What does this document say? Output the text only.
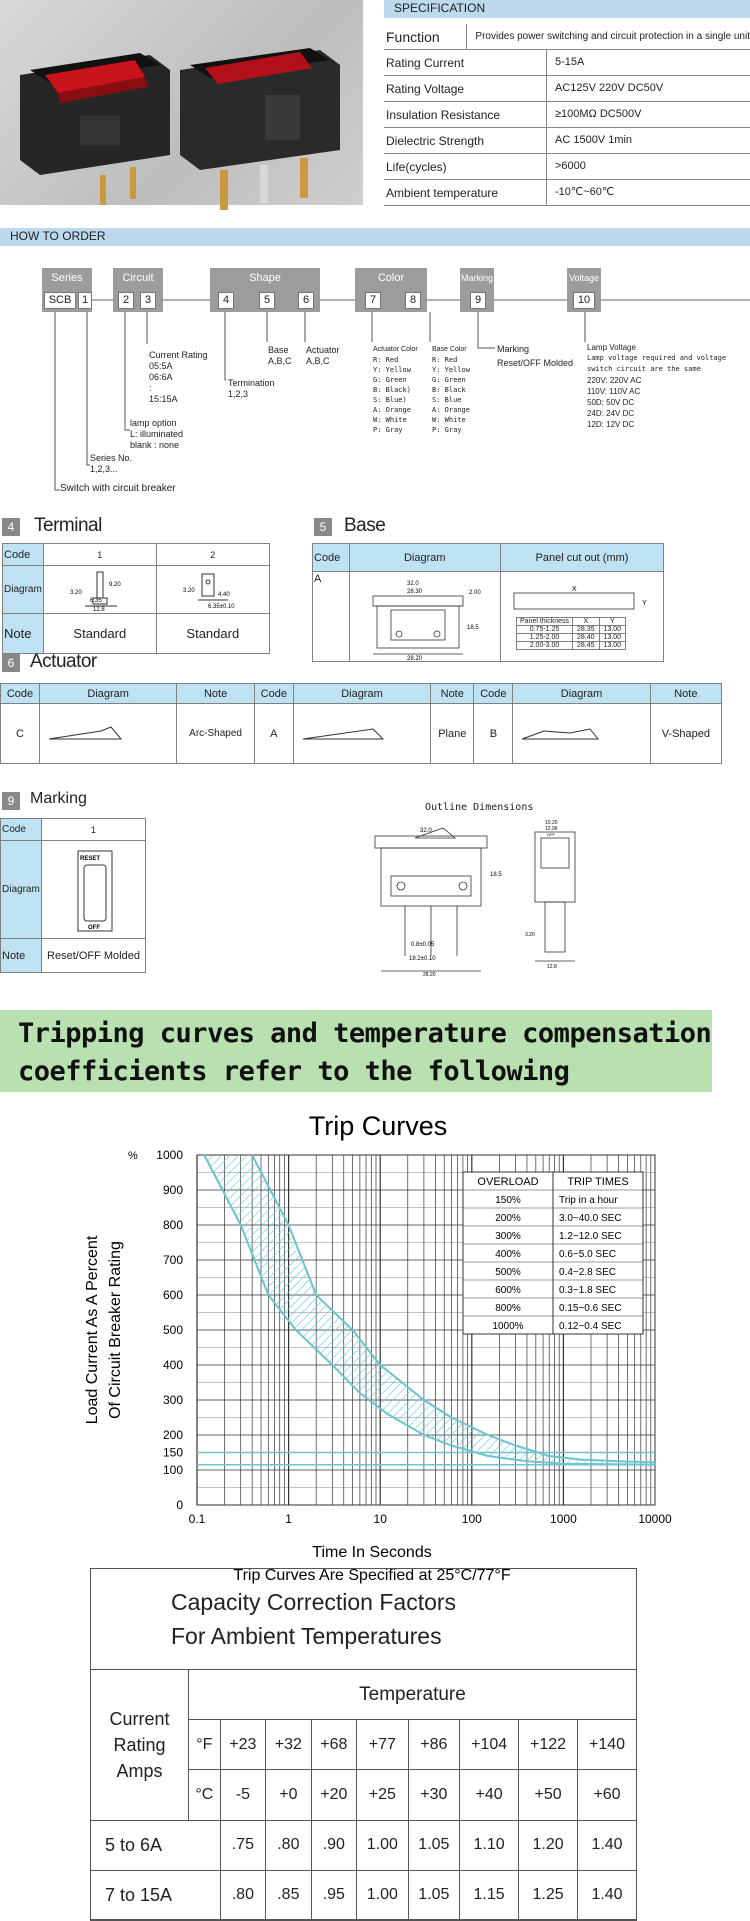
SPECIFICATION
Function	Provides power switching and circuit protection in a single unit
Rating Current	5-15A
Rating Voltage	AC125V 220V DC50V
Insulation Resistance	≥100MΩ DC500V
Dielectric Strength	AC 1500V 1min
Life(cycles)	>6000
Ambient temperature	-10℃~60℃
HOW TO ORDER
Series
SCB 1
Circuit
2	3
Shape
4	5	6
Color
7	8
Marking
9
Voltage
10
Switch with circuit breaker
Series No.
1,2,3...
lamp option
L: illuminated
blank : none
Current Rating
05:5A
06:6A
:
15:15A
Termination
1,2,3
Base
A,B,C
Actuator
A,B,C
Actuator Color
R: Red
Y: Yellow
G: Green
B: Black)
S: Blue)
A: Orange
W: White
P: Gray
Base Color
R: Red
Y: Yellow
G: Green
B: Black
S: Blue
A: Orange
W: White
P: Gray
Marking
Reset/OFF Molded
Lamp Voltage
Lamp voltage required and voltage switch circuit are the same
220V: 220V AC
110V: 110V AC
50D: 50V DC
24D: 24V DC
12D: 12V DC
4 Terminal
Code	1	2
Diagram	3.20
9.20
6.35
12.8	3.20
4.40
6.35±0.10

Note	Standard	Standard
5 Base
Code	Diagram	Panel cut out (mm)
A	32.0
28.30	2.00
18.5
28.20

X
Y
Panel thickness	X	Y
0.75-1.25	28.35	13.00
1.25-2.00	28.40	13.00
2.00-3.00	28.45	13.00
6 Actuator
Code	Diagram	Note	Code	Diagram	Note	Code	Diagram	Note
C		Arc-Shaped	A		Plane	B		V-Shaped
9 Marking
Code	1
Diagram	RESET
OFF

Note	Reset/OFF Molded
Outline Dimensions
32.0
18.5
0.8±0.05
18.2±0.10
28.20
10.20
12.96
3.20
12.8
OFF
Tripping curves and temperature compensation
coefficients refer to the following
Trip Curves
0.1	1	10	100	1000	10000
0
100
150
200
300
400
500
600
700
800
900
1000
%
Time In Seconds
Trip Curves Are Specified at 25°C/77°F
Load Current As A Percent Of Circuit Breaker Rating
OVERLOAD	TRIP TIMES
150%	Trip in a hour
200%	3.0~40.0 SEC
300%	1.2~12.0 SEC
400%	0.6~5.0 SEC
500%	0.4~2.8 SEC
600%	0.3~1.8 SEC
800%	0.15~0.6 SEC
1000%	0.12~0.4 SEC
Capacity Correction Factors
For Ambient Temperatures
Current
Rating
Amps	Temperature								
	°F	+23	+32	+68	+77	+86	+104	+122	+140
	°C	-5	+0	+20	+25	+30	+40	+50	+60
5 to 6A		.75	.80	.90	1.00	1.05	1.10	1.20	1.40
7 to 15A		.80	.85	.95	1.00	1.05	1.15	1.25	1.40
